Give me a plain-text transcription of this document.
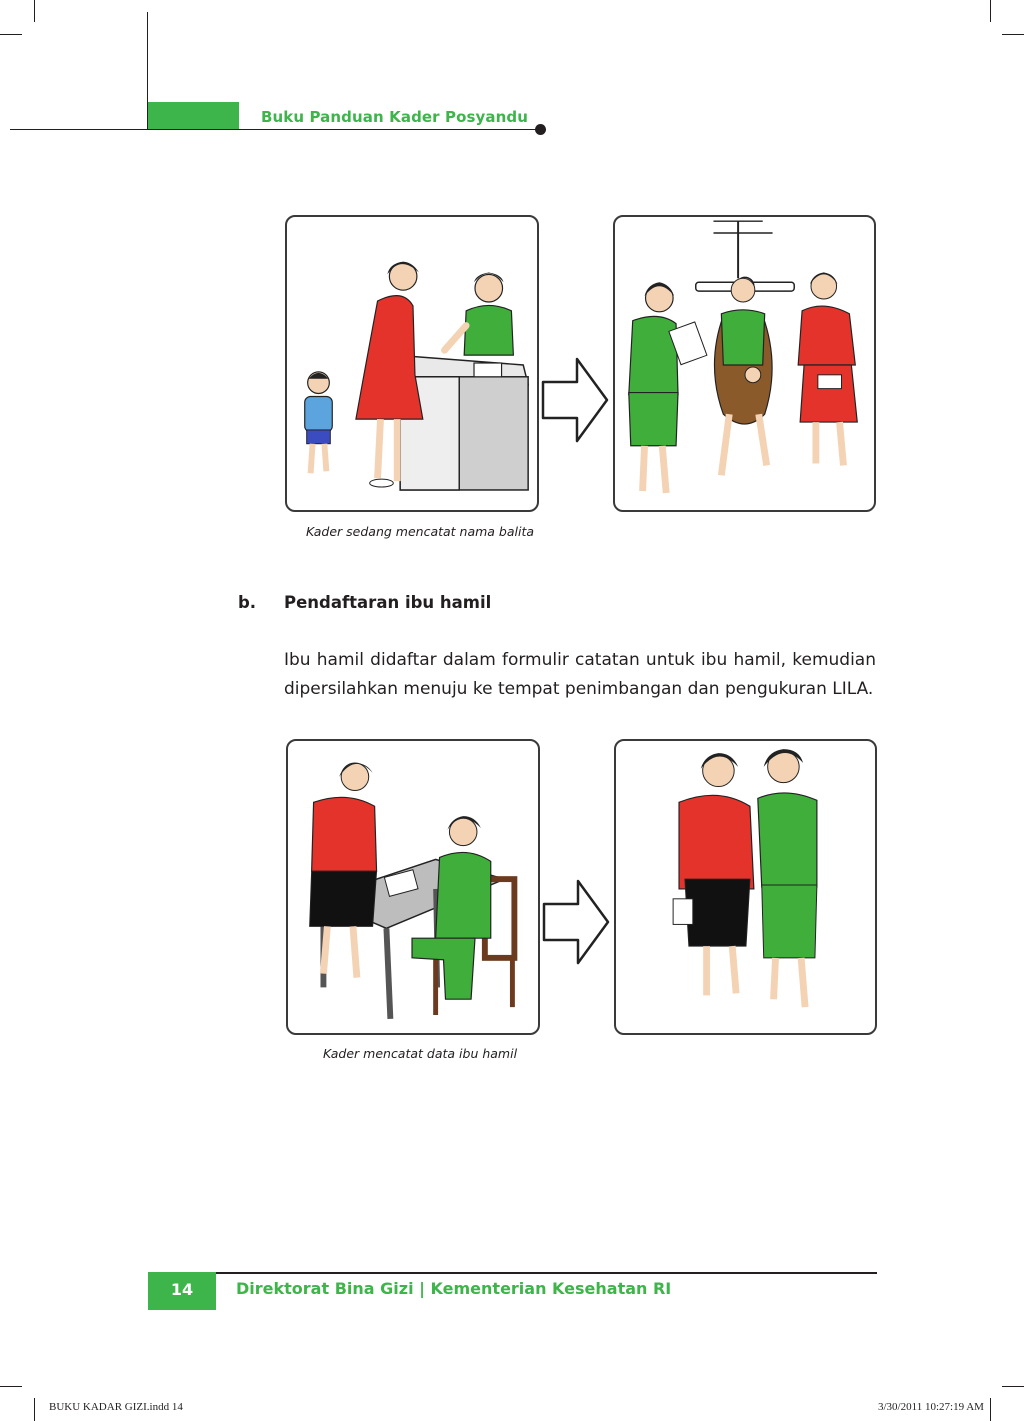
Buku Panduan Kader Posyandu
Kader sedang mencatat nama balita
b. Pendaftaran ibu hamil
Ibu hamil didaftar dalam formulir catatan untuk ibu hamil, kemudian dipersilahkan menuju ke tempat penimbangan dan pengukuran LILA.
Kader mencatat data ibu hamil
14	Direktorat Bina Gizi | Kementerian Kesehatan RI
BUKU KADAR GIZI.indd 14	3/30/2011 10:27:19 AM
